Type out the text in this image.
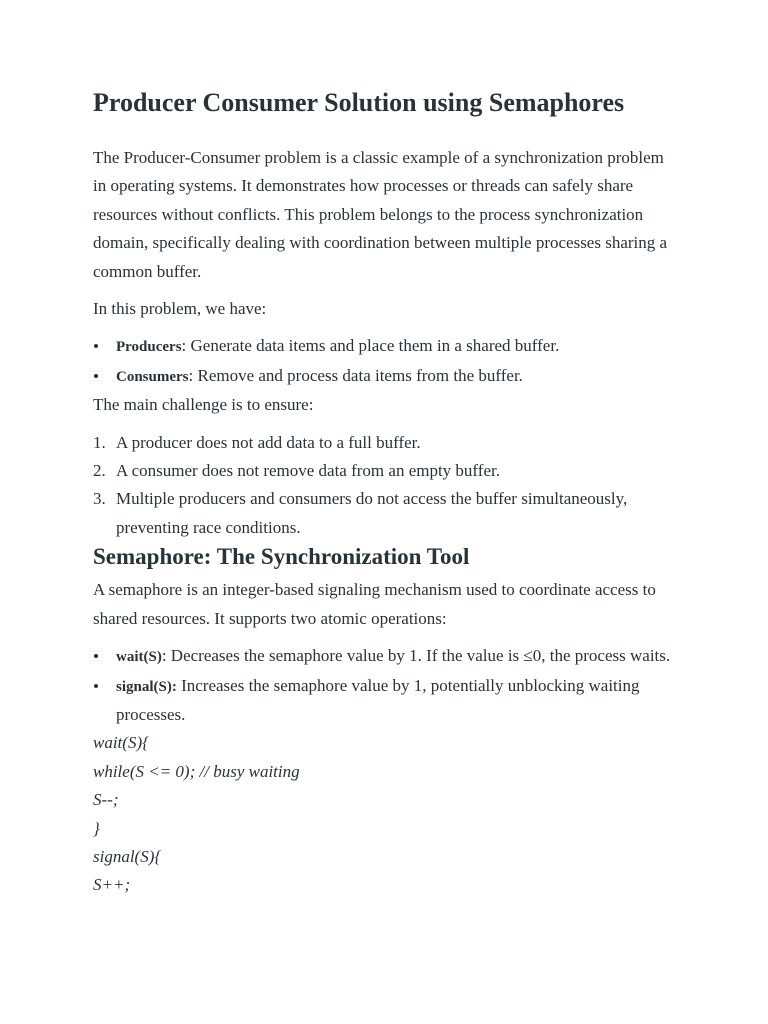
Producer Consumer Solution using Semaphores

The Producer-Consumer problem is a classic example of a synchronization problem in operating systems. It demonstrates how processes or threads can safely share resources without conflicts. This problem belongs to the process synchronization domain, specifically dealing with coordination between multiple processes sharing a common buffer.

In this problem, we have:

Producers: Generate data items and place them in a shared buffer.
Consumers: Remove and process data items from the buffer.

The main challenge is to ensure:

1. A producer does not add data to a full buffer.
2. A consumer does not remove data from an empty buffer.
3. Multiple producers and consumers do not access the buffer simultaneously, preventing race conditions.
Semaphore: The Synchronization Tool

A semaphore is an integer-based signaling mechanism used to coordinate access to shared resources. It supports two atomic operations:

wait(S): Decreases the semaphore value by 1. If the value is ≤0, the process waits.
signal(S): Increases the semaphore value by 1, potentially unblocking waiting processes.

wait(S){

while(S <= 0); // busy waiting

S--;

}

signal(S){

S++;
